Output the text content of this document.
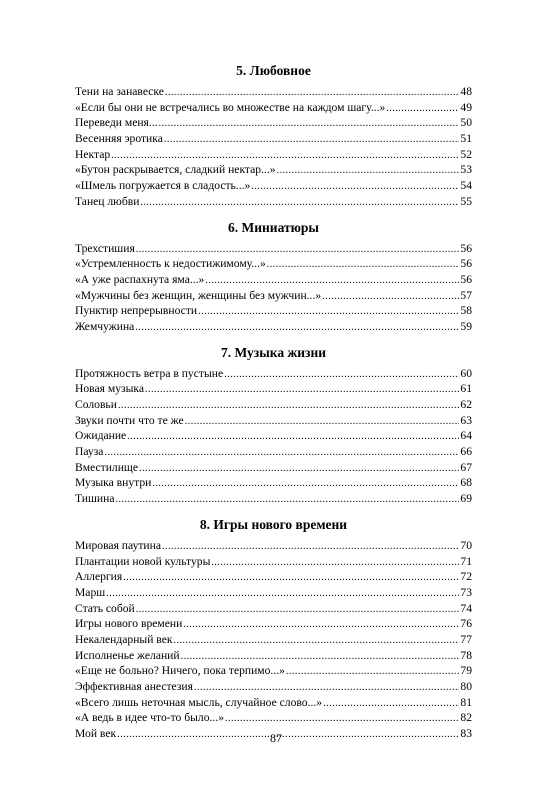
5. Любовное
Тени на занавеске .....	48
«Если бы они не встречались во множестве на каждом шагу...» .....	49
Переведи меня... .....	50
Весенняя эротика .....	51
Нектар .....	52
«Бутон раскрывается, сладкий нектар...» .....	53
«Шмель погружается в сладость...» .....	54
Танец любви .....	55
6. Миниатюры
Трехстишия .....	56
«Устремленность к недостижимому...» .....	56
«А уже распахнута яма...» .....	56
«Мужчины без женщин, женщины без мужчин...» .....	57
Пунктир непрерывности .....	58
Жемчужина .....	59
7. Музыка жизни
Протяжность ветра в пустыне .....	60
Новая музыка .....	61
Соловьи .....	62
Звуки почти что те же .....	63
Ожидание .....	64
Пауза .....	66
Вместилище .....	67
Музыка внутри .....	68
Тишина .....	69
8. Игры нового времени
Мировая паутина .....	70
Плантации новой культуры .....	71
Аллергия .....	72
Марш .....	73
Стать собой .....	74
Игры нового времени .....	76
Некалендарный век .....	77
Исполненье желаний .....	78
«Еще не больно? Ничего, пока терпимо...» .....	79
Эффективная анестезия .....	80
«Всего лишь неточная мысль, случайное слово...» .....	81
«А ведь в идее что-то было...» .....	82
Мой век .....	83
87
